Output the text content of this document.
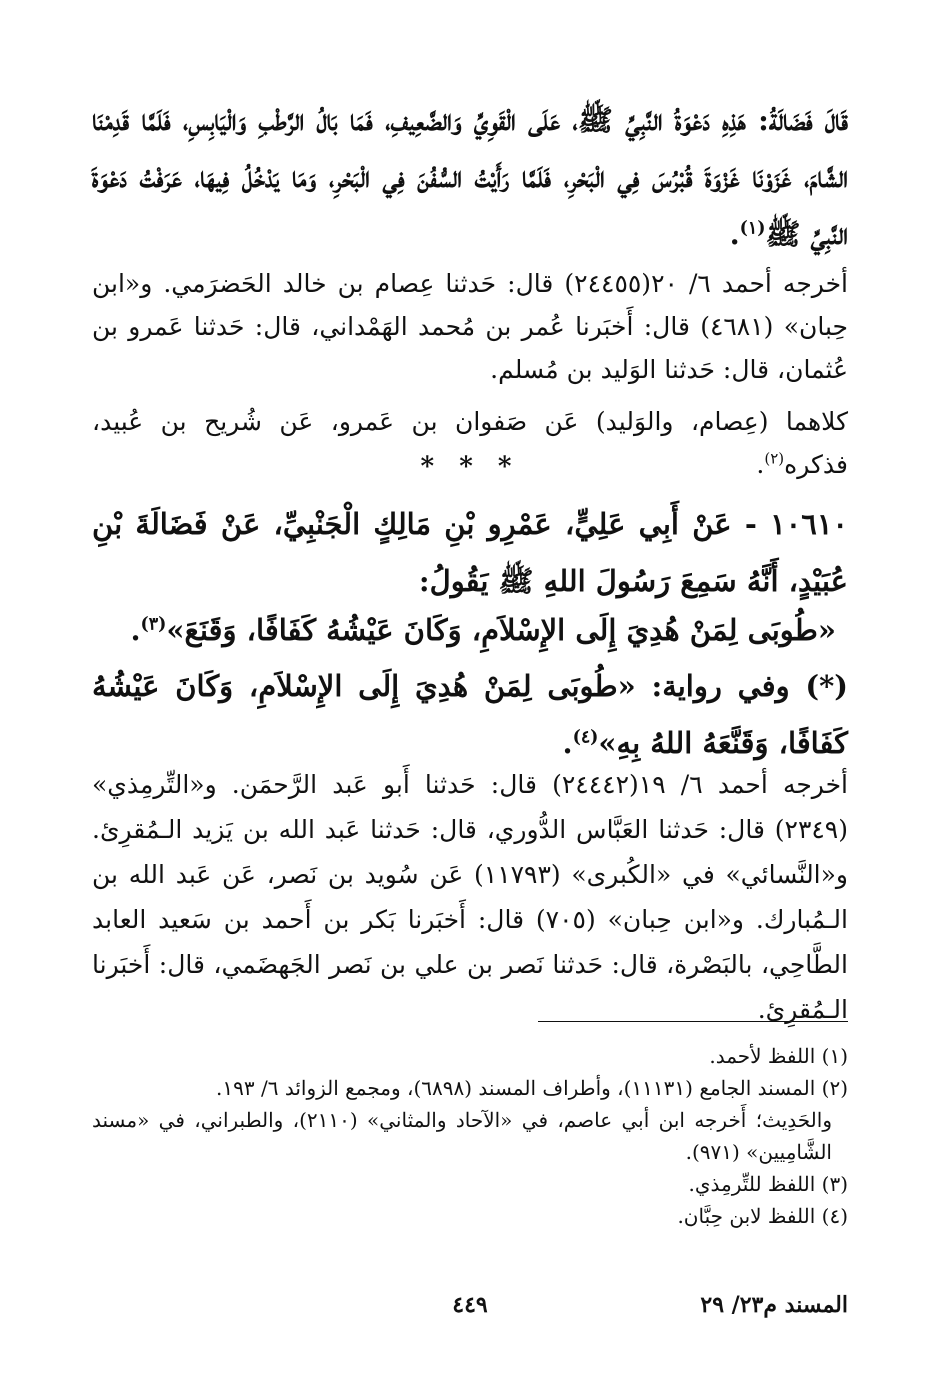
قَالَ فَضَالَةُ: هَذِهِ دَعْوَةُ النَّبِيِّ ﷺ، عَلَى الْقَوِيِّ وَالضَّعِيفِ، فَمَا بَالُ الرَّطْبِ وَالْيَابِسِ، فَلَمَّا قَدِمْنَا الشَّامَ، غَزَوْنَا غَزْوَةَ قُبْرُسَ فِي الْبَحْرِ، فَلَمَّا رَأَيْتُ السُّفُنَ فِي الْبَحْرِ، وَمَا يَدْخُلُ فِيهَا، عَرَفْتُ دَعْوَةَ النَّبِيِّ ﷺ$^{(١)}$.
أخرجه أحمد ٦/ ٢٠(٢٤٤٥٥) قال: حَدثنا عِصام بن خالد الحَضرَمي. و«ابن حِبان» (٤٦٨١) قال: أَخبَرنا عُمر بن مُحمد الهَمْداني، قال: حَدثنا عَمرو بن عُثمان، قال: حَدثنا الوَليد بن مُسلم.
كلاهما (عِصام، والوَليد) عَن صَفوان بن عَمرو، عَن شُريح بن عُبيد، فذكره$^{(٢)}$.
* * *
١٠٦١٠ - عَنْ أَبِي عَلِيٍّ، عَمْرِو بْنِ مَالِكٍ الْجَنْبِيِّ، عَنْ فَضَالَةَ بْنِ عُبَيْدٍ، أَنَّهُ سَمِعَ رَسُولَ اللهِ ﷺ يَقُولُ:
«طُوبَى لِمَنْ هُدِيَ إِلَى الإِسْلاَمِ، وَكَانَ عَيْشُهُ كَفَافًا، وَقَنَعَ»$^{(٣)}$.
(*) وفي رواية: «طُوبَى لِمَنْ هُدِيَ إِلَى الإِسْلاَمِ، وَكَانَ عَيْشُهُ كَفَافًا، وَقَنَّعَهُ اللهُ بِهِ»$^{(٤)}$.
أخرجه أحمد ٦/ ١٩(٢٤٤٤٢) قال: حَدثنا أَبو عَبد الرَّحمَن. و«التِّرمِذي» (٢٣٤٩) قال: حَدثنا العَبَّاس الدُّوري، قال: حَدثنا عَبد الله بن يَزيد الـمُقرِئ. و«النَّسائي» في «الكُبرى» (١١٧٩٣) عَن سُويد بن نَصر، عَن عَبد الله بن الـمُبارك. و«ابن حِبان» (٧٠٥) قال: أَخبَرنا بَكر بن أَحمد بن سَعيد العابد الطَّاحِي، بالبَصْرة، قال: حَدثنا نَصر بن علي بن نَصر الجَهضَمي، قال: أَخبَرنا الـمُقرِئ.

(١) اللفظ لأحمد.

(٢) المسند الجامع (١١١٣١)، وأطراف المسند (٦٨٩٨)، ومجمع الزوائد ٦/ ١٩٣.

والحَدِيث؛ أَخرجه ابن أبي عاصم، في «الآحاد والمثاني» (٢١١٠)، والطبراني، في «مسند الشَّامِيين» (٩٧١).

(٣) اللفظ للتِّرمِذي.

(٤) اللفظ لابن حِبَّان.

المسند م٢٣/ ٢٩
٤٤٩
